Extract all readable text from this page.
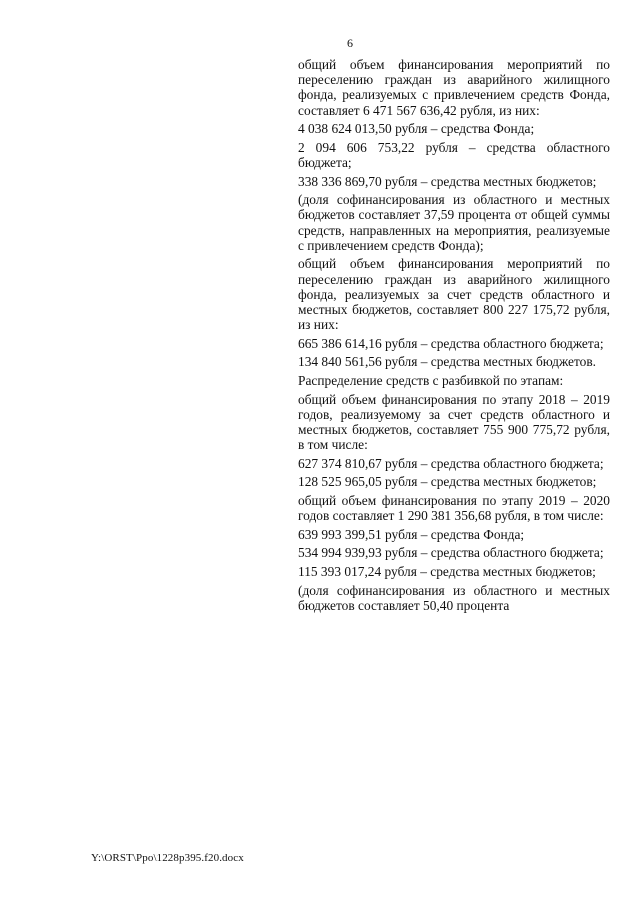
6

общий объем финансирования мероприятий по переселению граждан из аварийного жилищного фонда, реализуемых с привлечением средств Фонда, составляет 6 471 567 636,42 рубля, из них:

4 038 624 013,50 рубля – средства Фонда;

2 094 606 753,22 рубля – средства областного бюджета;

338 336 869,70 рубля – средства местных бюджетов;

(доля софинансирования из областного и местных бюджетов составляет 37,59 процента от общей суммы средств, направленных на мероприятия, реализуемые с привлечением средств Фонда);

общий объем финансирования мероприятий по переселению граждан из аварийного жилищного фонда, реализуемых за счет средств областного и местных бюджетов, составляет 800 227 175,72 рубля, из них:

665 386 614,16 рубля – средства областного бюджета;

134 840 561,56 рубля – средства местных бюджетов.

Распределение средств с разбивкой по этапам:

общий объем финансирования по этапу 2018 – 2019 годов, реализуемому за счет средств областного и местных бюджетов, составляет 755 900 775,72 рубля, в том числе:

627 374 810,67 рубля – средства областного бюджета;

128 525 965,05 рубля – средства местных бюджетов;

общий объем финансирования по этапу 2019 – 2020 годов составляет 1 290 381 356,68 рубля, в том числе:

639 993 399,51 рубля – средства Фонда;

534 994 939,93 рубля – средства областного бюджета;

115 393 017,24 рубля – средства местных бюджетов;

(доля софинансирования из областного и местных бюджетов составляет 50,40 процента

Y:\ORST\Ppo\1228p395.f20.docx
